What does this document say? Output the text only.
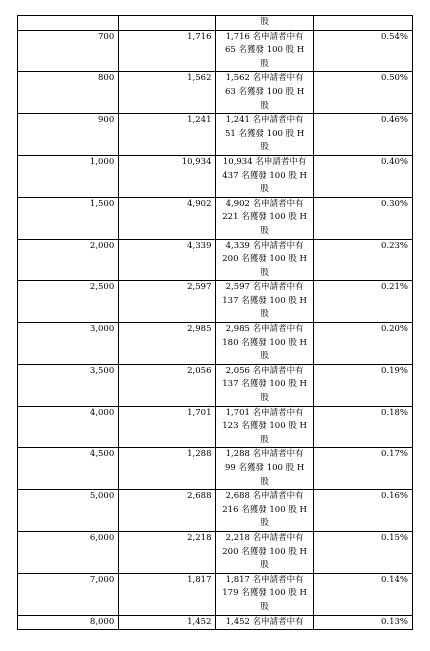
		股	

700	1,716	1,716 名申請者中有
65 名獲發 100 股 H
股	0.54%
800	1,562	1,562 名申請者中有
63 名獲發 100 股 H
股	0.50%
900	1,241	1,241 名申請者中有
51 名獲發 100 股 H
股	0.46%
1,000	10,934	10,934 名申請者中有
437 名獲發 100 股 H
股	0.40%
1,500	4,902	4,902 名申請者中有
221 名獲發 100 股 H
股	0.30%
2,000	4,339	4,339 名申請者中有
200 名獲發 100 股 H
股	0.23%
2,500	2,597	2,597 名申請者中有
137 名獲發 100 股 H
股	0.21%
3,000	2,985	2,985 名申請者中有
180 名獲發 100 股 H
股	0.20%
3,500	2,056	2,056 名申請者中有
137 名獲發 100 股 H
股	0.19%
4,000	1,701	1,701 名申請者中有
123 名獲發 100 股 H
股	0.18%
4,500	1,288	1,288 名申請者中有
99 名獲發 100 股 H
股	0.17%
5,000	2,688	2,688 名申請者中有
216 名獲發 100 股 H
股	0.16%
6,000	2,218	2,218 名申請者中有
200 名獲發 100 股 H
股	0.15%
7,000	1,817	1,817 名申請者中有
179 名獲發 100 股 H
股	0.14%
8,000	1,452	1,452 名申請者中有	0.13%
